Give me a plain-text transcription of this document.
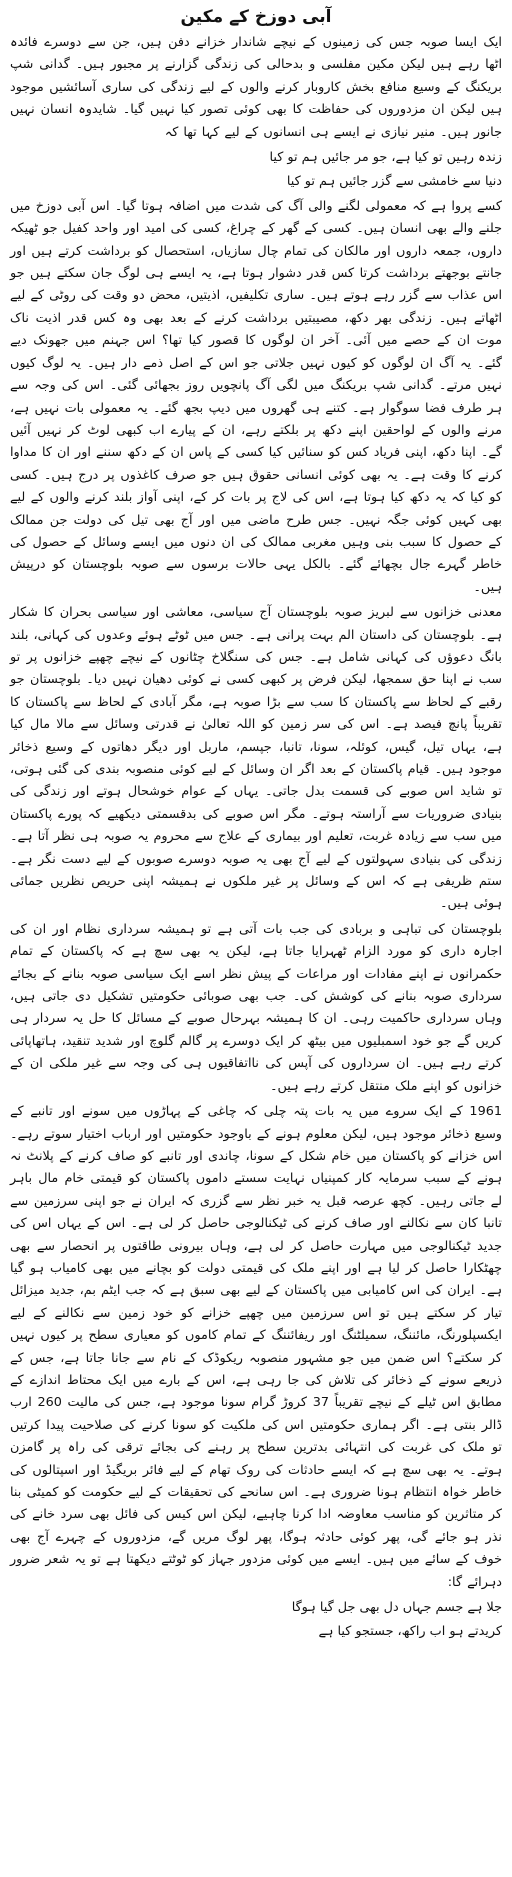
آبی دوزخ کے مکین

ایک ایسا صوبہ جس کی زمینوں کے نیچے شاندار خزانے دفن ہیں، جن سے دوسرے فائدہ اٹھا رہے ہیں لیکن مکین مفلسی و بدحالی کی زندگی گزارنے پر مجبور ہیں۔ گدانی شپ بریکنگ کے وسیع منافع بخش کاروبار کرنے والوں کے لیے زندگی کی ساری آسائشیں موجود ہیں لیکن ان مزدوروں کی حفاظت کا بھی کوئی تصور کیا نہیں گیا۔ شایدوہ انسان نہیں جانور ہیں۔ منیر نیازی نے ایسے ہی انسانوں کے لیے کہا تھا کہ

زندہ رہیں تو کیا ہے، جو مر جائیں ہم تو کیا

دنیا سے خامشی سے گزر جائیں ہم تو کیا

کسے پروا ہے کہ معمولی لگنے والی آگ کی شدت میں اضافہ ہوتا گیا۔ اس آبی دوزخ میں جلنے والے بھی انسان ہیں۔ کسی کے گھر کے چراغ، کسی کی امید اور واحد کفیل جو ٹھیکہ داروں، جمعہ داروں اور مالکان کی تمام چال سازیاں، استحصال کو برداشت کرتے ہیں اور جانتے بوجھتے برداشت کرتا کس قدر دشوار ہوتا ہے، یہ ایسے ہی لوگ جان سکتے ہیں جو اس عذاب سے گزر رہے ہوتے ہیں۔ ساری تکلیفیں، اذیتیں، محض دو وقت کی روٹی کے لیے اٹھاتے ہیں۔ زندگی بھر دکھ، مصیبتیں برداشت کرنے کے بعد بھی وہ کس قدر اذیت ناک موت ان کے حصے میں آئی۔ آخر ان لوگوں کا قصور کیا تھا؟ اس جہنم میں جھونک دیے گئے۔ یہ آگ ان لوگوں کو کیوں نہیں جلاتی جو اس کے اصل ذمے دار ہیں۔ یہ لوگ کیوں نہیں مرتے۔ گدانی شپ بریکنگ میں لگی آگ پانچویں روز بجھائی گئی۔ اس کی وجہ سے ہر طرف فضا سوگوار ہے۔ کتنے ہی گھروں میں دیپ بجھ گئے۔ یہ معمولی بات نہیں ہے، مرنے والوں کے لواحقین اپنے دکھ پر بلکتے رہے، ان کے پیارے اب کبھی لوٹ کر نہیں آئیں گے۔ اپنا دکھ، اپنی فریاد کس کو سنائیں کیا کسی کے پاس ان کے دکھ سننے اور ان کا مداوا کرنے کا وقت ہے۔ یہ بھی کوئی انسانی حقوق ہیں جو صرف کاغذوں پر درج ہیں۔ کسی کو کیا کہ یہ دکھ کیا ہوتا ہے، اس کی لاج پر بات کر کے، اپنی آواز بلند کرنے والوں کے لیے بھی کہیں کوئی جگہ نہیں۔ جس طرح ماضی میں اور آج بھی تیل کی دولت جن ممالک کے حصول کا سبب بنی وہیں مغربی ممالک کی ان دنوں میں ایسے وسائل کے حصول کی خاطر گہرے جال بچھائے گئے۔ بالکل یہی حالات برسوں سے صوبہ بلوچستان کو درپیش ہیں۔

معدنی خزانوں سے لبریز صوبہ بلوچستان آج سیاسی، معاشی اور سیاسی بحران کا شکار ہے۔ بلوچستان کی داستان الم بہت پرانی ہے۔ جس میں ٹوٹے ہوئے وعدوں کی کہانی، بلند بانگ دعوؤں کی کہانی شامل ہے۔ جس کی سنگلاخ چٹانوں کے نیچے چھپے خزانوں پر تو سب نے اپنا حق سمجھا، لیکن فرض پر کبھی کسی نے کوئی دھیان نہیں دیا۔ بلوچستان جو رقبے کے لحاظ سے پاکستان کا سب سے بڑا صوبہ ہے، مگر آبادی کے لحاظ سے پاکستان کا تقریباً پانچ فیصد ہے۔ اس کی سر زمین کو اللہ تعالیٰ نے قدرتی وسائل سے مالا مال کیا ہے، یہاں تیل، گیس، کوئلہ، سونا، تانبا، جپسم، ماربل اور دیگر دھاتوں کے وسیع ذخائر موجود ہیں۔ قیام پاکستان کے بعد اگر ان وسائل کے لیے کوئی منصوبہ بندی کی گئی ہوتی، تو شاید اس صوبے کی قسمت بدل جاتی۔ یہاں کے عوام خوشحال ہوتے اور زندگی کی بنیادی ضروریات سے آراستہ ہوتے۔ مگر اس صوبے کی بدقسمتی دیکھیے کہ پورے پاکستان میں سب سے زیادہ غربت، تعلیم اور بیماری کے علاج سے محروم یہ صوبہ ہی نظر آتا ہے۔ زندگی کی بنیادی سہولتوں کے لیے آج بھی یہ صوبہ دوسرے صوبوں کے لیے دست نگر ہے۔ ستم ظریفی ہے کہ اس کے وسائل پر غیر ملکوں نے ہمیشہ اپنی حریص نظریں جمائی ہوئی ہیں۔

بلوچستان کی تباہی و بربادی کی جب بات آتی ہے تو ہمیشہ سرداری نظام اور ان کی اجارہ داری کو مورد الزام ٹھہرایا جاتا ہے، لیکن یہ بھی سچ ہے کہ پاکستان کے تمام حکمرانوں نے اپنے مفادات اور مراعات کے پیش نظر اسے ایک سیاسی صوبہ بنانے کے بجائے سرداری صوبہ بنانے کی کوشش کی۔ جب بھی صوبائی حکومتیں تشکیل دی جاتی ہیں، وہاں سرداری حاکمیت رہی۔ ان کا ہمیشہ بہرحال صوبے کے مسائل کا حل یہ سردار ہی کریں گے جو خود اسمبلیوں میں بیٹھ کر ایک دوسرے پر گالم گلوچ اور شدید تنقید، ہاتھاپائی کرتے رہے ہیں۔ ان سرداروں کی آپس کی نااتفاقیوں ہی کی وجہ سے غیر ملکی ان کے خزانوں کو اپنے ملک منتقل کرتے رہے ہیں۔

1961 کے ایک سروے میں یہ بات پتہ چلی کہ چاغی کے پہاڑوں میں سونے اور تانبے کے وسیع ذخائر موجود ہیں، لیکن معلوم ہونے کے باوجود حکومتیں اور ارباب اختیار سوتے رہے۔ اس خزانے کو پاکستان میں خام شکل کے سونا، چاندی اور تانبے کو صاف کرنے کے پلانٹ نہ ہونے کے سبب سرمایہ کار کمپنیاں نہایت سستے داموں پاکستان کو قیمتی خام مال باہر لے جاتی رہیں۔ کچھ عرصہ قبل یہ خبر نظر سے گزری کہ ایران نے جو اپنی سرزمین سے تانبا کان سے نکالنے اور صاف کرنے کی ٹیکنالوجی حاصل کر لی ہے۔ اس کے یہاں اس کی جدید ٹیکنالوجی میں مہارت حاصل کر لی ہے، وہاں بیرونی طاقتوں پر انحصار سے بھی چھٹکارا حاصل کر لیا ہے اور اپنے ملک کی قیمتی دولت کو بچانے میں بھی کامیاب ہو گیا ہے۔ ایران کی اس کامیابی میں پاکستان کے لیے بھی سبق ہے کہ جب ایٹم بم، جدید میزائل تیار کر سکتے ہیں تو اس سرزمین میں چھپے خزانے کو خود زمین سے نکالنے کے لیے ایکسپلورنگ، مائننگ، سمیلٹنگ اور ریفائننگ کے تمام کاموں کو معیاری سطح پر کیوں نہیں کر سکتے؟ اس ضمن میں جو مشہور منصوبہ ریکوڈک کے نام سے جانا جاتا ہے، جس کے ذریعے سونے کے ذخائر کی تلاش کی جا رہی ہے، اس کے بارے میں ایک محتاط اندازے کے مطابق اس ٹیلے کے نیچے تقریباً 37 کروڑ گرام سونا موجود ہے، جس کی مالیت 260 ارب ڈالر بنتی ہے۔ اگر ہماری حکومتیں اس کی ملکیت کو سونا کرنے کی صلاحیت پیدا کرتیں تو ملک کی غربت کی انتہائی بدترین سطح پر رہنے کی بجائے ترقی کی راہ پر گامزن ہوتے۔ یہ بھی سچ ہے کہ ایسے حادثات کی روک تھام کے لیے فائر بریگیڈ اور اسپتالوں کی خاطر خواہ انتظام ہونا ضروری ہے۔ اس سانحے کی تحقیقات کے لیے حکومت کو کمیٹی بنا کر متاثرین کو مناسب معاوضہ ادا کرنا چاہیے، لیکن اس کیس کی فائل بھی سرد خانے کی نذر ہو جائے گی، پھر کوئی حادثہ ہوگا، پھر لوگ مریں گے، مزدوروں کے چہرے آج بھی خوف کے سائے میں ہیں۔ ایسے میں کوئی مزدور جہاز کو ٹوٹتے دیکھتا ہے تو یہ شعر ضرور دہرائے گا:

جلا ہے جسم جہاں دل بھی جل گیا ہوگا

کریدتے ہو اب راکھ، جستجو کیا ہے
